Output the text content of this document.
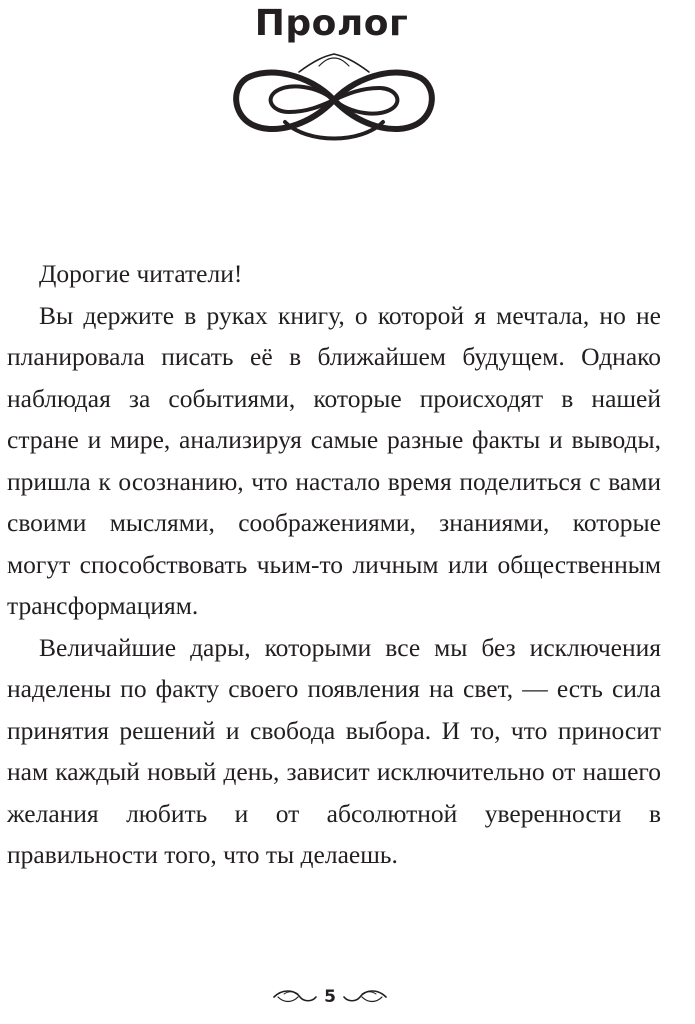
Пролог

Дорогие читатели!

Вы держите в руках книгу, о которой я мечтала, но не планировала писать её в ближайшем будущем. Однако наблюдая за событиями, которые происходят в нашей стране и мире, анализируя самые разные факты и выводы, пришла к осознанию, что настало время поделиться с вами своими мыслями, соображениями, знаниями, которые могут способствовать чьим-то личным или общественным трансформациям.

Величайшие дары, которыми все мы без исключения наделены по факту своего появления на свет, — есть сила принятия решений и свобода выбора. И то, что приносит нам каждый новый день, зависит исключительно от нашего желания любить и от абсолютной уверенности в правильности того, что ты делаешь.

5
